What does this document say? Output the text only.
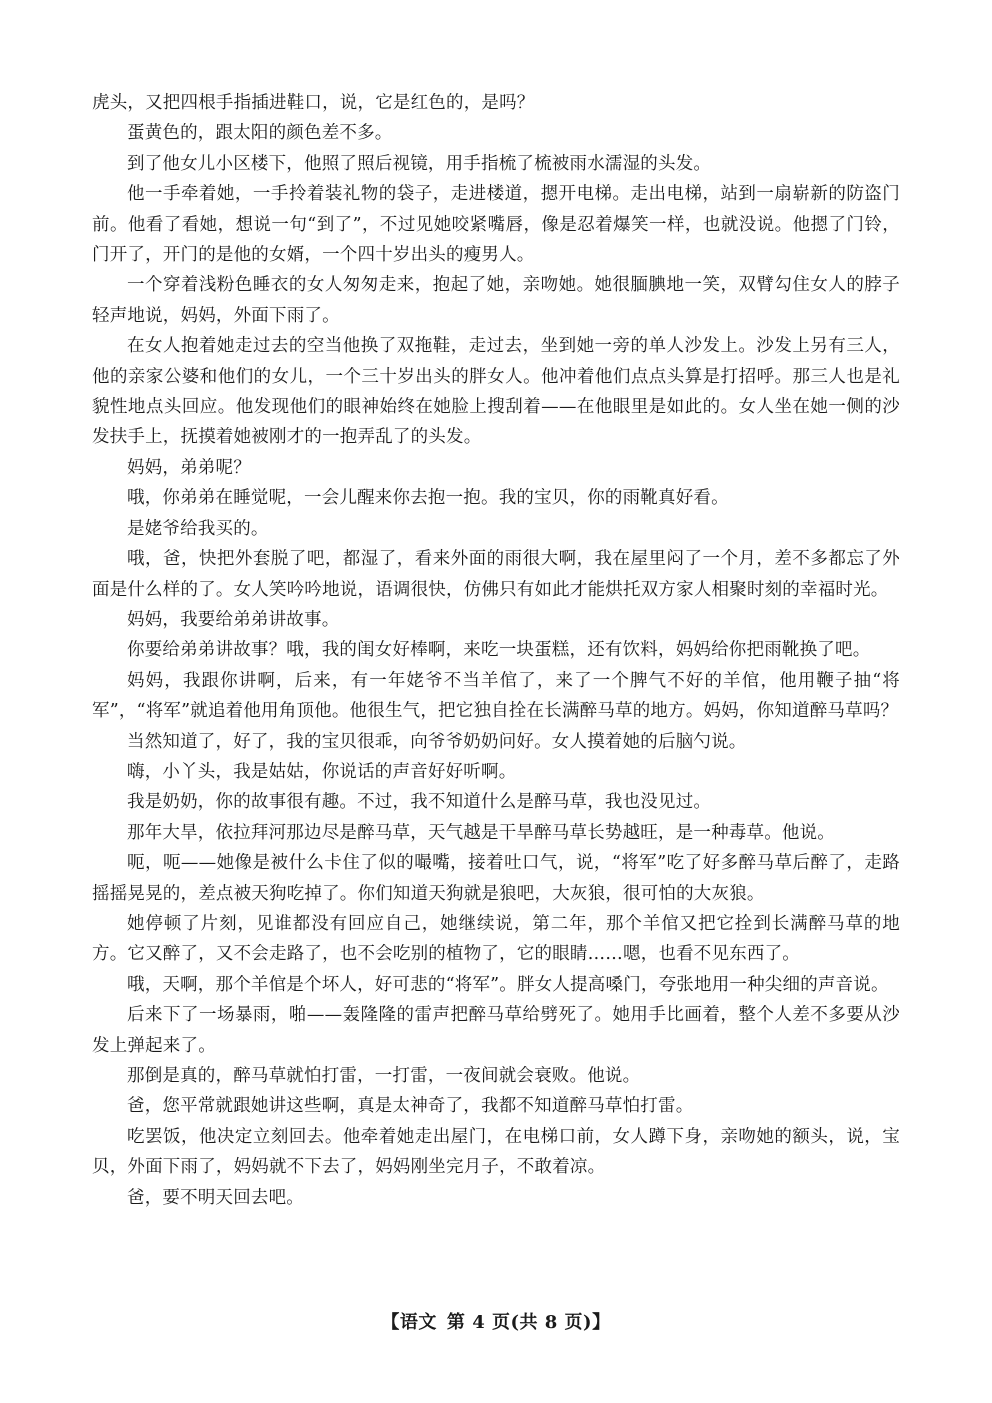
虎头，又把四根手指插进鞋口，说，它是红色的，是吗？

蛋黄色的，跟太阳的颜色差不多。

到了他女儿小区楼下，他照了照后视镜，用手指梳了梳被雨水濡湿的头发。

他一手牵着她，一手拎着装礼物的袋子，走进楼道，摁开电梯。走出电梯，站到一扇崭新的防盗门前。他看了看她，想说一句“到了”，不过见她咬紧嘴唇，像是忍着爆笑一样，也就没说。他摁了门铃，门开了，开门的是他的女婿，一个四十岁出头的瘦男人。

一个穿着浅粉色睡衣的女人匆匆走来，抱起了她，亲吻她。她很腼腆地一笑，双臂勾住女人的脖子轻声地说，妈妈，外面下雨了。

在女人抱着她走过去的空当他换了双拖鞋，走过去，坐到她一旁的单人沙发上。沙发上另有三人，他的亲家公婆和他们的女儿，一个三十岁出头的胖女人。他冲着他们点点头算是打招呼。那三人也是礼貌性地点头回应。他发现他们的眼神始终在她脸上搜刮着——在他眼里是如此的。女人坐在她一侧的沙发扶手上，抚摸着她被刚才的一抱弄乱了的头发。

妈妈，弟弟呢？

哦，你弟弟在睡觉呢，一会儿醒来你去抱一抱。我的宝贝，你的雨靴真好看。

是姥爷给我买的。

哦，爸，快把外套脱了吧，都湿了，看来外面的雨很大啊，我在屋里闷了一个月，差不多都忘了外面是什么样的了。女人笑吟吟地说，语调很快，仿佛只有如此才能烘托双方家人相聚时刻的幸福时光。

妈妈，我要给弟弟讲故事。

你要给弟弟讲故事？哦，我的闺女好棒啊，来吃一块蛋糕，还有饮料，妈妈给你把雨靴换了吧。

妈妈，我跟你讲啊，后来，有一年姥爷不当羊倌了，来了一个脾气不好的羊倌，他用鞭子抽“将军”，“将军”就追着他用角顶他。他很生气，把它独自拴在长满醉马草的地方。妈妈，你知道醉马草吗？

当然知道了，好了，我的宝贝很乖，向爷爷奶奶问好。女人摸着她的后脑勺说。

嗨，小丫头，我是姑姑，你说话的声音好好听啊。

我是奶奶，你的故事很有趣。不过，我不知道什么是醉马草，我也没见过。

那年大旱，依拉拜河那边尽是醉马草，天气越是干旱醉马草长势越旺，是一种毒草。他说。

呃，呃——她像是被什么卡住了似的嘬嘴，接着吐口气，说，“将军”吃了好多醉马草后醉了，走路摇摇晃晃的，差点被天狗吃掉了。你们知道天狗就是狼吧，大灰狼，很可怕的大灰狼。

她停顿了片刻，见谁都没有回应自己，她继续说，第二年，那个羊倌又把它拴到长满醉马草的地方。它又醉了，又不会走路了，也不会吃别的植物了，它的眼睛……嗯，也看不见东西了。

哦，天啊，那个羊倌是个坏人，好可悲的“将军”。胖女人提高嗓门，夸张地用一种尖细的声音说。

后来下了一场暴雨，啪——轰隆隆的雷声把醉马草给劈死了。她用手比画着，整个人差不多要从沙发上弹起来了。

那倒是真的，醉马草就怕打雷，一打雷，一夜间就会衰败。他说。

爸，您平常就跟她讲这些啊，真是太神奇了，我都不知道醉马草怕打雷。

吃罢饭，他决定立刻回去。他牵着她走出屋门，在电梯口前，女人蹲下身，亲吻她的额头，说，宝贝，外面下雨了，妈妈就不下去了，妈妈刚坐完月子，不敢着凉。

爸，要不明天回去吧。

【语文 第 4 页(共 8 页)】
